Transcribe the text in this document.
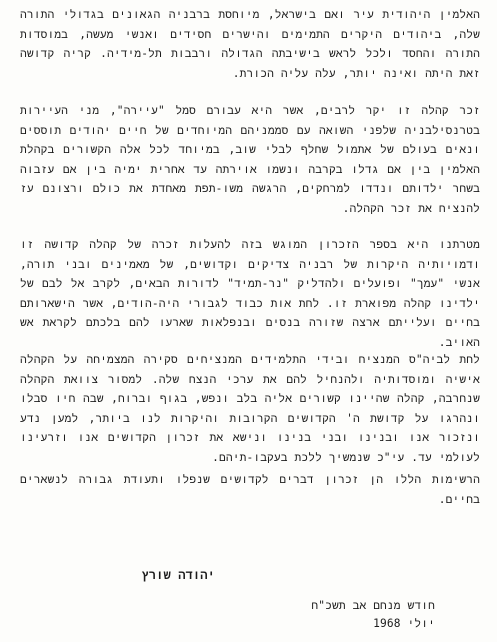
האלמין היהודית עיר ואם בישראל, מיוחסת ברבניה הגאונים בגדולי התורה שלה, ביהודים היקרים התמימים והישרים חסידים ואנשי מעשה, במוסדות התורה והחסד ולכל לראש בישיבתה הגדולה ורבבות תל-מידיה. קריה קדושה זאת היתה ואינה יותר, עלה עליה הכורת.

זכר קהלה זו יקר לרבים, אשר היא עבורם סמל "עיירה", מני העיירות בטרנסילבניה שלפני השואה עם סממניהם המיוחדים של חיים יהודים תוססים ונאים בעולם של אתמול שחלף לבלי שוב, במיוחד לכל אלה הקשורים בקהלת האלמין בין אם גדלו בקרבה ונשמו אוירתה עד אחרית ימיה בין אם עזבוה בשחר ילדותם ונדדו למרחקים, הרגשה משו-תפת מאחדת את כולם ורצונם עז להנציח את זכר הקהלה.

מטרתנו היא בספר הזכרון המוגש בזה להעלות זכרה של קהלה קדושה זו ודמויותיה היקרות של רבניה צדיקים וקדושים, של מאמינים ובני תורה, אנשי "עמך" ופועלים ולהדליק "נר-תמיד" לדורות הבאים, לקרב אל לבם של ילדינו קהלה מפוארת זו. לחת אות כבוד לגבורי היה-הודים, אשר הישארותם בחיים ועלייתם ארצה שזורה בנסים ובנפלאות שארעו להם בלכתם לקראת אש האויב.

לחת לביה"ס המנציח ובידי התלמידים המנציחים סקירה המצמיחה על הקהלה אישיה ומוסדותיה ולהנחיל להם את ערכי הנצח שלה. למסור צוואת הקהלה שנחרבה, קהלה שהיינו קשורים אליה בלב ונפש, בגוף וברוח, שבה חיו סבלו ונהרגו על קדושת ה' הקדושים הקרובות והיקרות לנו ביותר, למען נדע ונזכור אנו ובנינו ובני בנינו ונישא את זכרון הקדושים אנו וזרעינו לעולמי עד. עי"כ שנמשיך ללכת בעקבו-תיהם.

הרשימות הללו הן זכרון דברים לקדושים שנפלו ותעודת גבורה לנשארים בחיים.

יהודה שורץ
חודש מנחם אב תשכ"ח
יולי 1968
